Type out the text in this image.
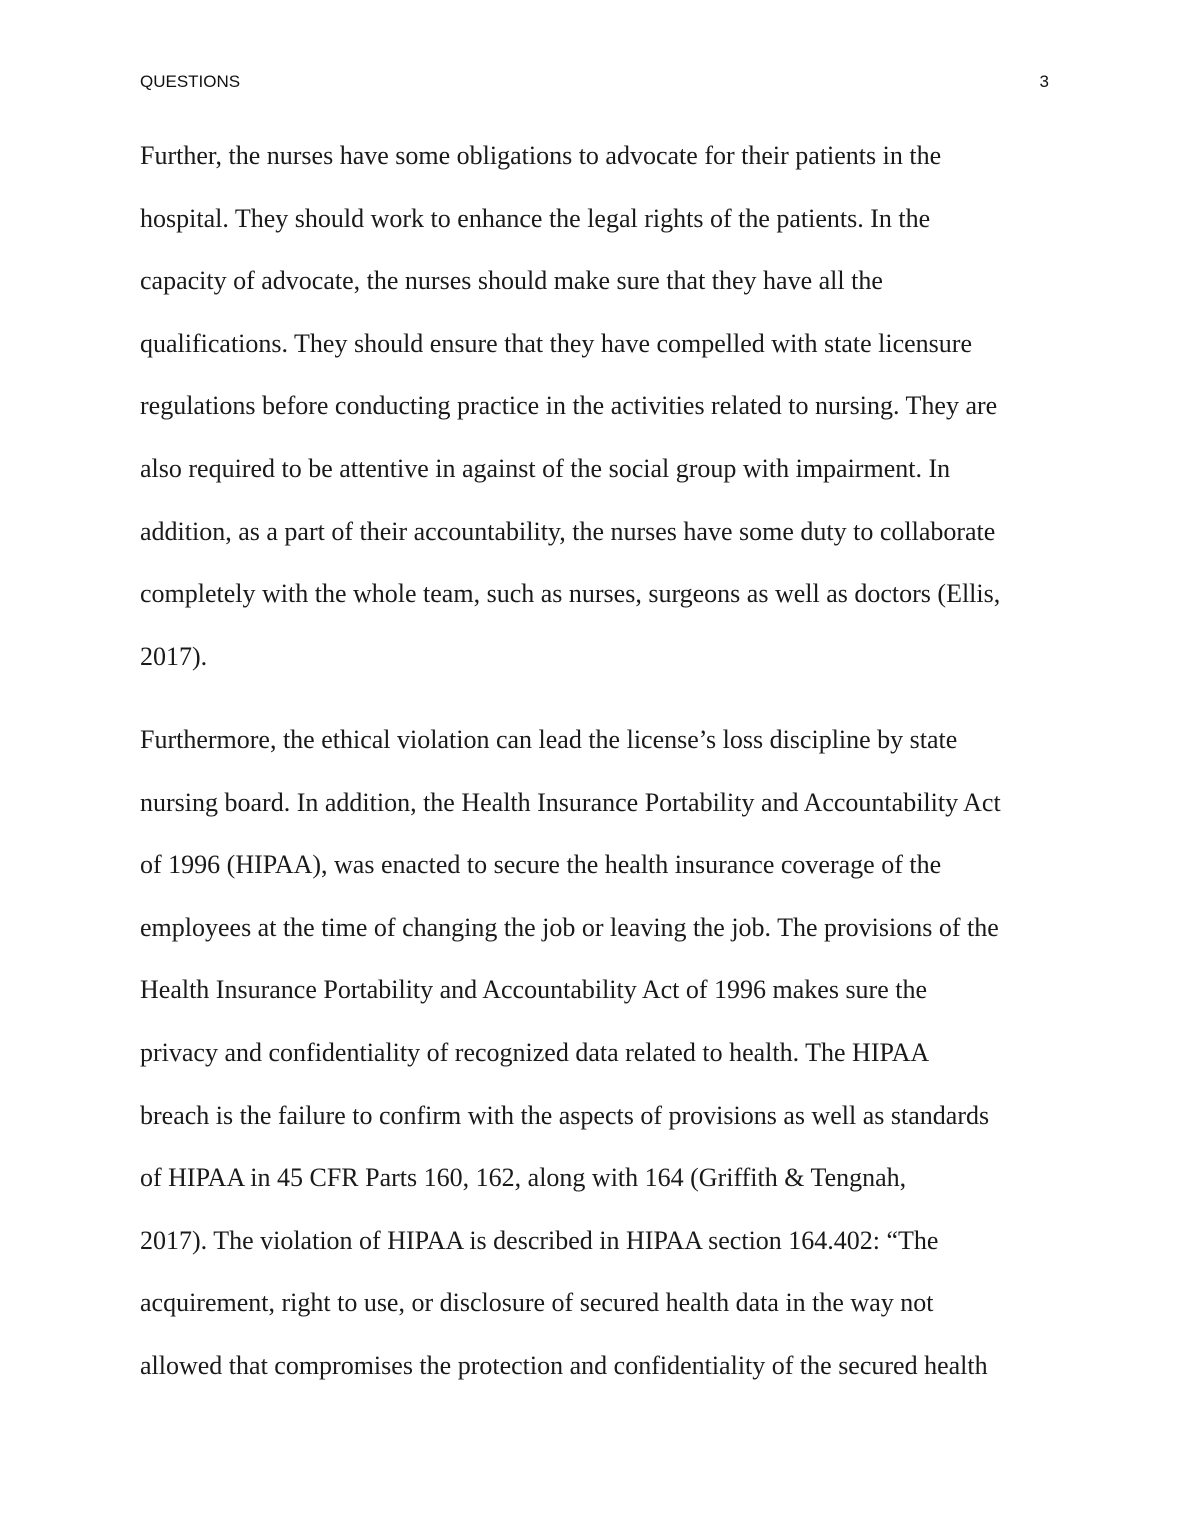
QUESTIONS	3
Further, the nurses have some obligations to advocate for their patients in the
hospital. They should work to enhance the legal rights of the patients. In the
capacity of advocate, the nurses should make sure that they have all the
qualifications. They should ensure that they have compelled with state licensure
regulations before conducting practice in the activities related to nursing. They are
also required to be attentive in against of the social group with impairment. In
addition, as a part of their accountability, the nurses have some duty to collaborate
completely with the whole team, such as nurses, surgeons as well as doctors (Ellis,
2017).
Furthermore, the ethical violation can lead the license’s loss discipline by state
nursing board. In addition, the Health Insurance Portability and Accountability Act
of 1996 (HIPAA), was enacted to secure the health insurance coverage of the
employees at the time of changing the job or leaving the job. The provisions of the
Health Insurance Portability and Accountability Act of 1996 makes sure the
privacy and confidentiality of recognized data related to health. The HIPAA
breach is the failure to confirm with the aspects of provisions as well as standards
of HIPAA in 45 CFR Parts 160, 162, along with 164 (Griffith & Tengnah,
2017). The violation of HIPAA is described in HIPAA section 164.402: “The
acquirement, right to use, or disclosure of secured health data in the way not
allowed that compromises the protection and confidentiality of the secured health
